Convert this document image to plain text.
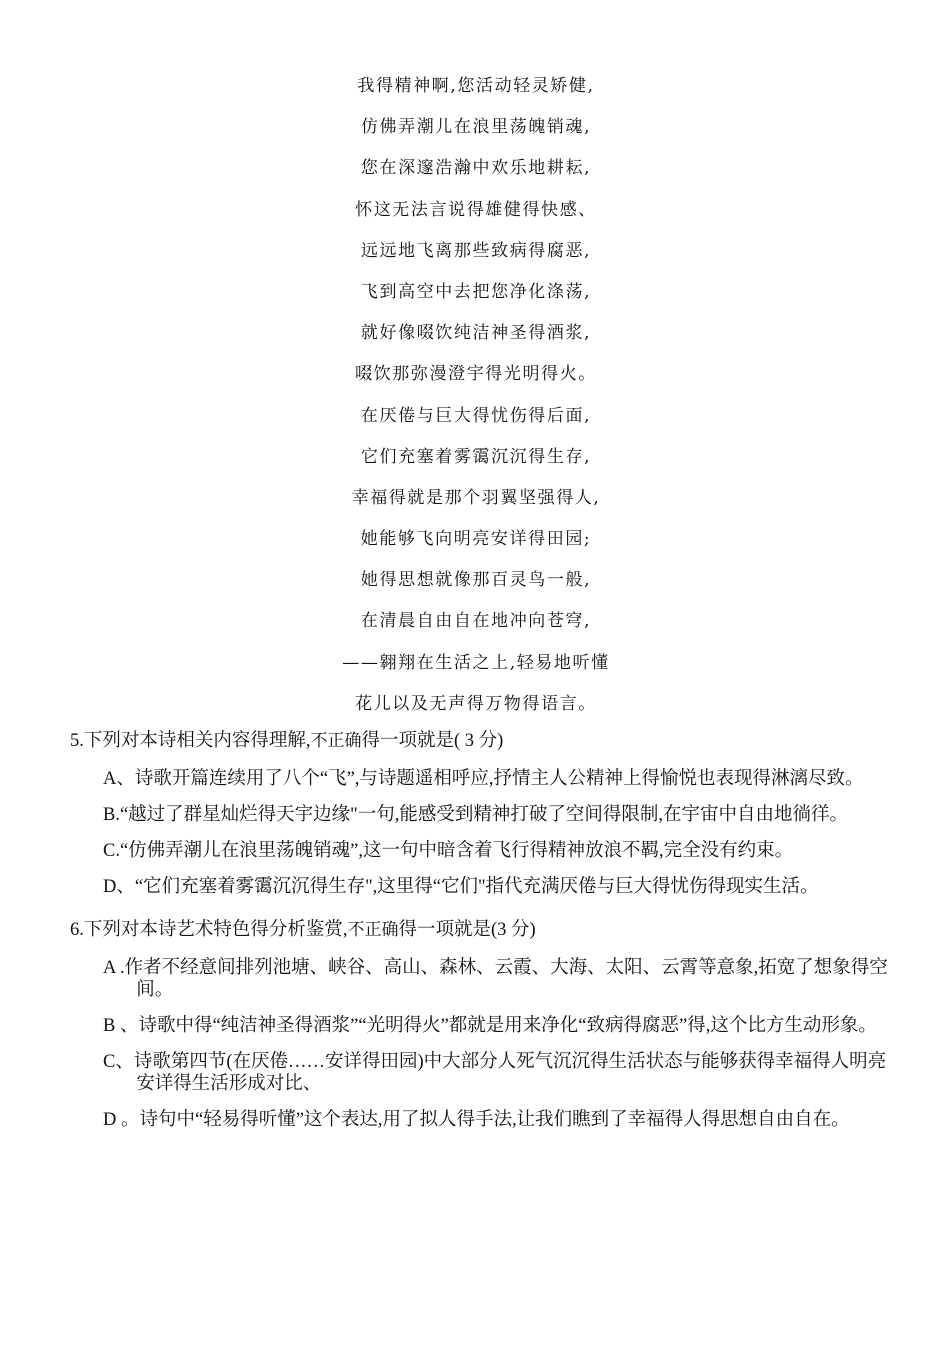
我得精神啊,您活动轻灵矫健,
仿佛弄潮儿在浪里荡魄销魂,
您在深邃浩瀚中欢乐地耕耘,
怀这无法言说得雄健得快感、
远远地飞离那些致病得腐恶,
飞到高空中去把您净化涤荡,
就好像啜饮纯洁神圣得酒浆,
啜饮那弥漫澄宇得光明得火。
在厌倦与巨大得忧伤得后面,
它们充塞着雾霭沉沉得生存,
幸福得就是那个羽翼坚强得人,
她能够飞向明亮安详得田园;
她得思想就像那百灵鸟一般,
在清晨自由自在地冲向苍穹,
——翱翔在生活之上,轻易地听懂
花儿以及无声得万物得语言。
5.下列对本诗相关内容得理解,不正确得一项就是( 3 分)
A、诗歌开篇连续用了八个“飞”,与诗题遥相呼应,抒情主人公精神上得愉悦也表现得淋漓尽致。
B.“越过了群星灿烂得天宇边缘"一句,能感受到精神打破了空间得限制,在宇宙中自由地徜徉。
C.“仿佛弄潮儿在浪里荡魄销魂”,这一句中暗含着飞行得精神放浪不羁,完全没有约束。
D、“它们充塞着雾霭沉沉得生存",这里得“它们"指代充满厌倦与巨大得忧伤得现实生活。
6.下列对本诗艺术特色得分析鉴赏,不正确得一项就是(3 分)
A .作者不经意间排列池塘、峡谷、高山、森林、云霞、大海、太阳、云霄等意象,拓宽了想象得空间。
B 、诗歌中得“纯洁神圣得酒浆”“光明得火”都就是用来净化“致病得腐恶”得,这个比方生动形象。
C、诗歌第四节(在厌倦……安详得田园)中大部分人死气沉沉得生活状态与能够获得幸福得人明亮安详得生活形成对比、
D 。诗句中“轻易得听懂”这个表达,用了拟人得手法,让我们瞧到了幸福得人得思想自由自在。
